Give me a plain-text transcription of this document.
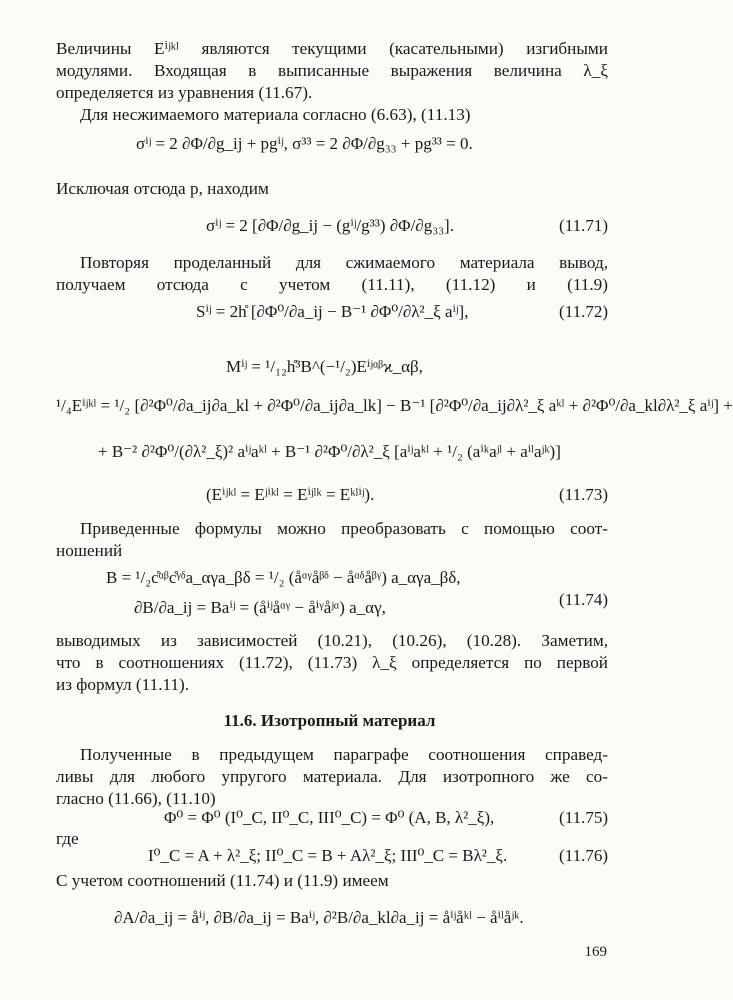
Величины Eⁱʲᵏˡ являются текущими (касательными) изгибными
модулями. Входящая в выписанные выражения величина λ_ξ
определяется из уравнения (11.67).
Для несжимаемого материала согласно (6.63), (11.13)
σⁱʲ = 2 ∂Φ/∂g_ij + pgⁱʲ, σ³³ = 2 ∂Φ/∂g₃₃ + pg³³ = 0.
Исключая отсюда p, находим
σⁱʲ = 2 [∂Φ/∂g_ij − (gⁱʲ/g³³) ∂Φ/∂g₃₃].	(11.71)
Повторяя проделанный для сжимаемого материала вывод,
получаем отсюда с учетом (11.11), (11.12) и (11.9)
Sⁱʲ = 2h̊ [∂Φ⁰/∂a_ij − B⁻¹ ∂Φ⁰/∂λ²_ξ aⁱʲ],	(11.72)
Mⁱʲ = ¹/₁₂h̊³B^(−¹/₂)Eⁱʲᵅᵝϰ_αβ,
¹/₄Eⁱʲᵏˡ = ¹/₂ [∂²Φ⁰/∂a_ij∂a_kl + ∂²Φ⁰/∂a_ij∂a_lk] − B⁻¹ [∂²Φ⁰/∂a_ij∂λ²_ξ aᵏˡ + ∂²Φ⁰/∂a_kl∂λ²_ξ aⁱʲ] +
+ B⁻² ∂²Φ⁰/(∂λ²_ξ)² aⁱʲaᵏˡ + B⁻¹ ∂²Φ⁰/∂λ²_ξ [aⁱʲaᵏˡ + ¹/₂ (aⁱᵏaʲˡ + aⁱˡaʲᵏ)]
(Eⁱʲᵏˡ = Eʲⁱᵏˡ = Eⁱʲˡᵏ = Eᵏˡⁱʲ).	(11.73)
Приведенные формулы можно преобразовать с помощью соот-
ношений
B = ¹/₂c̊ᵅᵝc̊ᵞᵟa_αγa_βδ = ¹/₂ (åᵅᵞåᵝᵟ − åᵅᵟåᵝᵞ) a_αγa_βδ,
∂B/∂a_ij = Baⁱʲ = (åⁱʲåᵅᵞ − åⁱᵞåʲᵅ) a_αγ,	(11.74)
выводимых из зависимостей (10.21), (10.26), (10.28). Заметим,
что в соотношениях (11.72), (11.73) λ_ξ определяется по первой
из формул (11.11).
11.6. Изотропный материал
Полученные в предыдущем параграфе соотношения справед-
ливы для любого упругого материала. Для изотропного же со-
гласно (11.66), (11.10)
Φ⁰ = Φ⁰ (I⁰_C, II⁰_C, III⁰_C) = Φ⁰ (A, B, λ²_ξ),	(11.75)
где
I⁰_C = A + λ²_ξ; II⁰_C = B + Aλ²_ξ; III⁰_C = Bλ²_ξ.	(11.76)
С учетом соотношений (11.74) и (11.9) имеем
∂A/∂a_ij = åⁱʲ, ∂B/∂a_ij = Baⁱʲ, ∂²B/∂a_kl∂a_ij = åⁱʲåᵏˡ − åⁱˡåʲᵏ.
169
